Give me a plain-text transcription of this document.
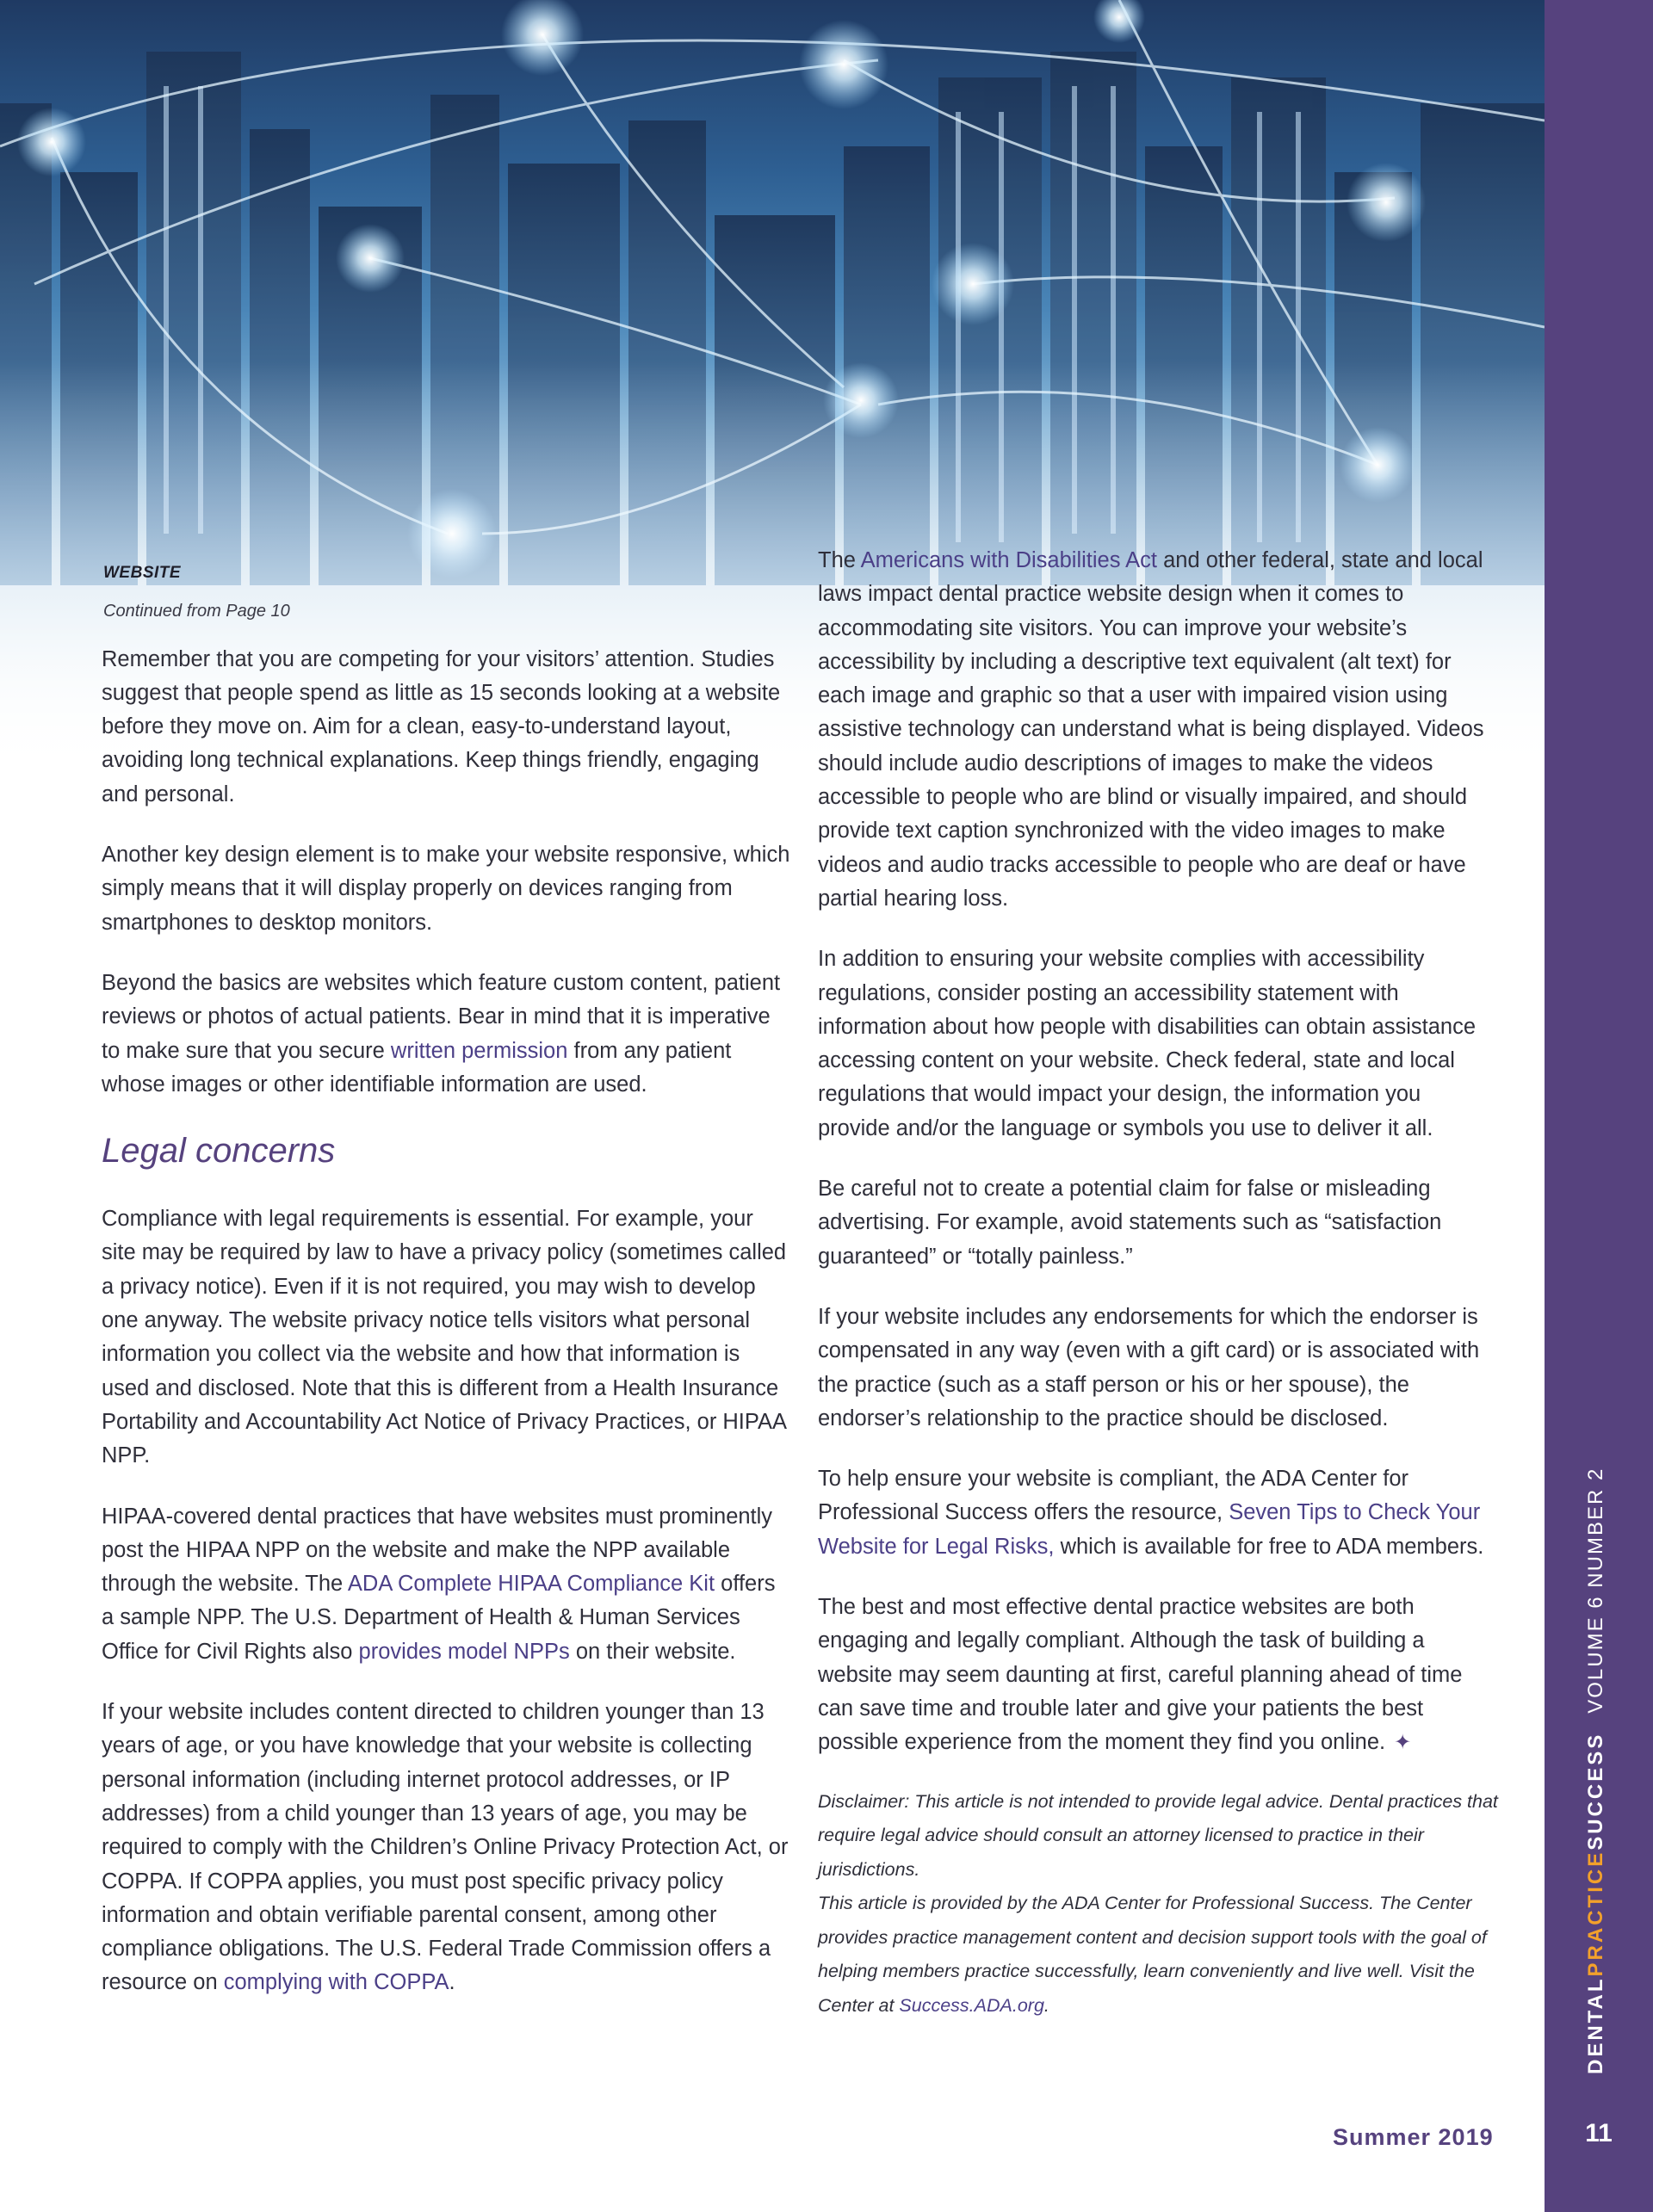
DENTALPRACTICESUCCESSVOLUME 6 NUMBER 2
11
Summer 2019
WEBSITE
Continued from Page 10

Remember that you are competing for your visitors’ attention. Studies suggest that people spend as little as 15 seconds looking at a website before they move on. Aim for a clean, easy-to-understand layout, avoiding long technical explanations. Keep things friendly, engaging and personal.

Another key design element is to make your website responsive, which simply means that it will display properly on devices ranging from smartphones to desktop monitors.

Beyond the basics are websites which feature custom content, patient reviews or photos of actual patients. Bear in mind that it is imperative to make sure that you secure written permission from any patient whose images or other identifiable information are used.

Legal concerns

Compliance with legal requirements is essential. For example, your site may be required by law to have a privacy policy (sometimes called a privacy notice). Even if it is not required, you may wish to develop one anyway. The website privacy notice tells visitors what personal information you collect via the website and how that information is used and disclosed. Note that this is different from a Health Insurance Portability and Accountability Act Notice of Privacy Practices, or HIPAA NPP.

HIPAA-covered dental practices that have websites must prominently post the HIPAA NPP on the website and make the NPP available through the website. The ADA Complete HIPAA Compliance Kit offers a sample NPP. The U.S. Department of Health & Human Services Office for Civil Rights also provides model NPPs on their website.

If your website includes content directed to children younger than 13 years of age, or you have knowledge that your website is collecting personal information (including internet protocol addresses, or IP addresses) from a child younger than 13 years of age, you may be required to comply with the Children’s Online Privacy Protection Act, or COPPA. If COPPA applies, you must post specific privacy policy information and obtain verifiable parental consent, among other compliance obligations. The U.S. Federal Trade Commission offers a resource on complying with COPPA.

The Americans with Disabilities Act and other federal, state and local laws impact dental practice website design when it comes to accommodating site visitors. You can improve your website’s accessibility by including a descriptive text equivalent (alt text) for each image and graphic so that a user with impaired vision using assistive technology can understand what is being displayed. Videos should include audio descriptions of images to make the videos accessible to people who are blind or visually impaired, and should provide text caption synchronized with the video images to make videos and audio tracks accessible to people who are deaf or have partial hearing loss.

In addition to ensuring your website complies with accessibility regulations, consider posting an accessibility statement with information about how people with disabilities can obtain assistance accessing content on your website. Check federal, state and local regulations that would impact your design, the information you provide and/or the language or symbols you use to deliver it all.

Be careful not to create a potential claim for false or misleading advertising. For example, avoid statements such as “satisfaction guaranteed” or “totally painless.”

If your website includes any endorsements for which the endorser is compensated in any way (even with a gift card) or is associated with the practice (such as a staff person or his or her spouse), the endorser’s relationship to the practice should be disclosed.

To help ensure your website is compliant, the ADA Center for Professional Success offers the resource, Seven Tips to Check Your Website for Legal Risks, which is available for free to ADA members.

The best and most effective dental practice websites are both engaging and legally compliant. Although the task of building a website may seem daunting at first, careful planning ahead of time can save time and trouble later and give your patients the best possible experience from the moment they find you online. ✦

Disclaimer: This article is not intended to provide legal advice. Dental practices that require legal advice should consult an attorney licensed to practice in their jurisdictions.

This article is provided by the ADA Center for Professional Success. The Center provides practice management content and decision support tools with the goal of helping members practice successfully, learn conveniently and live well. Visit the Center at Success.ADA.org.
